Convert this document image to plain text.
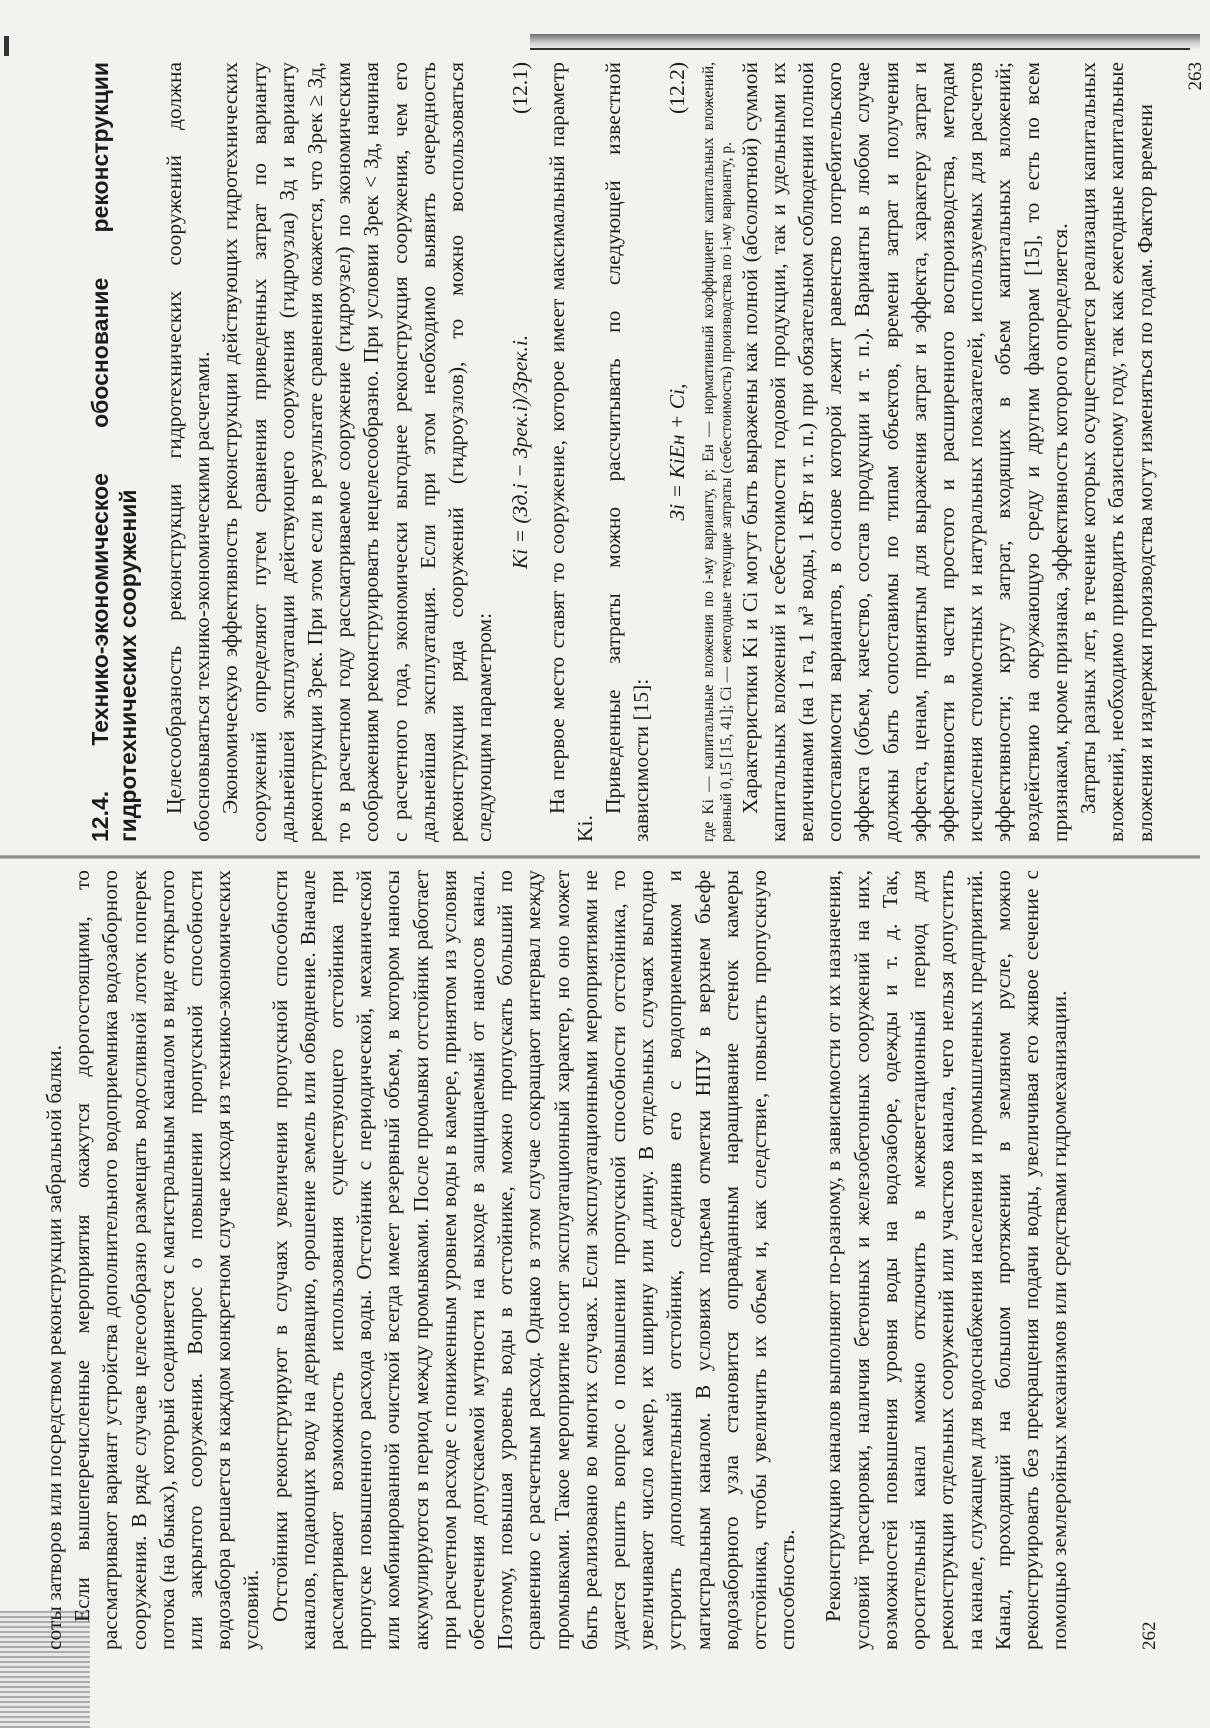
соты затворов или посредством реконструкции забральной балки. Если вышеперечисленные мероприятия окажутся дорогостоящими, то рассматривают вариант устройства дополнительного водоприемника водозаборного сооружения. В ряде случаев целесообразно размещать водосливной лоток поперек потока (на быках), который соединяется с магистральным каналом в виде открытого или закрытого сооружения. Вопрос о повышении пропускной способности водозабора решается в каждом конкретном случае исходя из технико-экономических условий. Отстойники реконструируют в случаях увеличения пропускной способности каналов, подающих воду на деривацию, орошение земель или обводнение. Вначале рассматривают возможность использования существующего отстойника при пропуске повышенного расхода воды. Отстойник с периодической, механической или комбинированной очисткой всегда имеет резервный объем, в котором наносы аккумулируются в период между промывками. После промывки отстойник работает при расчетном расходе с пониженным уровнем воды в камере, принятом из условия обеспечения допускаемой мутности на выходе в защищаемый от наносов канал. Поэтому, повышая уровень воды в отстойнике, можно пропускать больший по сравнению с расчетным расход. Однако в этом случае сокращают интервал между промывками. Такое мероприятие носит эксплуатационный характер, но оно может быть реализовано во многих случаях. Если эксплуатационными мероприятиями не удается решить вопрос о повышении пропускной способности отстойника, то увеличивают число камер, их ширину или длину. В отдельных случаях выгодно устроить дополнительный отстойник, соединив его с водоприемником и магистральным каналом. В условиях подъема отметки НПУ в верхнем бьефе водозаборного узла становится оправданным наращивание стенок камеры отстойника, чтобы увеличить их объем и, как следствие, повысить пропускную способность. Реконструкцию каналов выполняют по-разному, в зависимости от их назначения, условий трассировки, наличия бетонных и железобетонных сооружений на них, возможностей повышения уровня воды на водозаборе, одежды и т. д. Так, оросительный канал можно отключить в межвегетационный период для реконструкции отдельных сооружений или участков канала, чего нельзя допустить на канале, служащем для водоснабжения населения и промышленных предприятий. Канал, проходящий на большом протяжении в земляном русле, можно реконструировать без прекращения подачи воды, увеличивая его живое сечение с помощью землеройных механизмов или средствами гидромеханизации.	262
12.4. Технико-экономическое обоснование реконструкции гидротехнических сооружений Целесообразность реконструкции гидротехнических сооружений должна обосновываться технико-экономическими расчетами. Экономическую эффективность реконструкции действующих гидротехнических сооружений определяют путем сравнения приведенных затрат по варианту дальнейшей эксплуатации действующего сооружения (гидроузла) Зд и варианту реконструкции Зрек. При этом если в результате сравнения окажется, что Зрек ≥ Зд, то в расчетном году рассматриваемое сооружение (гидроузел) по экономическим соображениям реконструировать нецелесообразно. При условии Зрек < Зд, начиная с расчетного года, экономически выгоднее реконструкция сооружения, чем его дальнейшая эксплуатация. Если при этом необходимо выявить очередность реконструкции ряда сооружений (гидроузлов), то можно воспользоваться следующим параметром:

Ki = (Зд.i − Зрек.i)/Зрек.i.
(12.1) На первое место ставят то сооружение, которое имеет максимальный параметр Ki.

Приведенные затраты можно рассчитывать по следующей известной зависимости [15]:

Зi = KiEн + Ci,
(12.2) где Ki — капитальные вложения по i-му варианту, р; Eн — нормативный коэффициент капитальных вложений, равный 0,15 [15, 41]; Ci — ежегодные текущие затраты (себестоимость) производства по i-му варианту, р. Характеристики Ki и Ci могут быть выражены как полной (абсолютной) суммой капитальных вложений и себестоимости годовой продукции, так и удельными их величинами (на 1 га, 1 м³ воды, 1 кВт и т. п.) при обязательном соблюдении полной сопоставимости вариантов, в основе которой лежит равенство потребительского эффекта (объем, качество, состав продукции и т. п.). Варианты в любом случае должны быть сопоставимы по типам объектов, времени затрат и получения эффекта, ценам, принятым для выражения затрат и эффекта, характеру затрат и эффективности в части простого и расширенного воспроизводства, методам исчисления стоимостных и натуральных показателей, используемых для расчетов эффективности; кругу затрат, входящих в объем капитальных вложений; воздействию на окружающую среду и другим факторам [15], то есть по всем признакам, кроме признака, эффективность которого определяется. Затраты разных лет, в течение которых осуществляется реализация капитальных вложений, необходимо приводить к базисному году, так как ежегодные капитальные вложения и издержки производства могут изменяться по годам. Фактор времени

263
